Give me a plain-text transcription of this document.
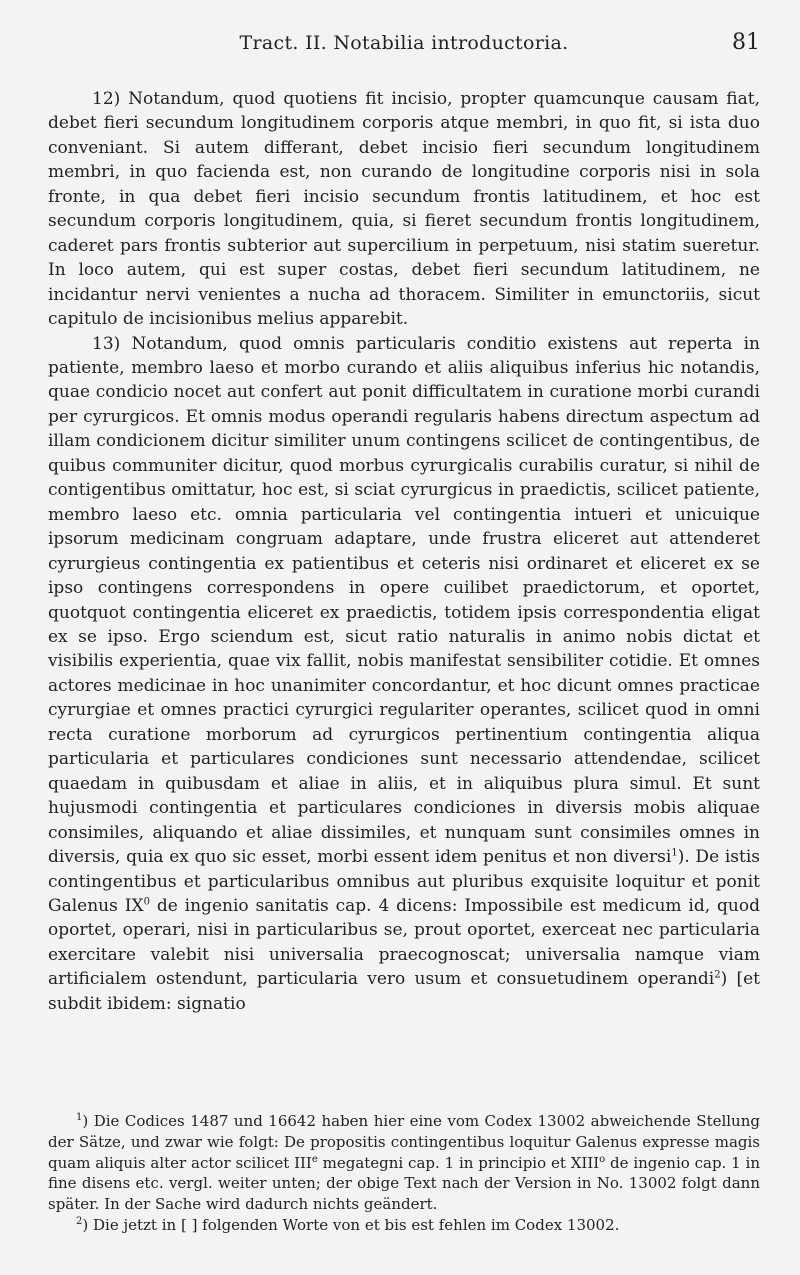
Tract. II. Notabilia introductoria.	81

12) Notandum, quod quotiens fit incisio, propter quamcunque causam fiat, debet fieri secundum longitudinem corporis atque membri, in quo fit, si ista duo conveniant. Si autem differant, debet incisio fieri secundum longitudinem membri, in quo facienda est, non curando de longitudine corporis nisi in sola fronte, in qua debet fieri incisio secundum frontis latitudinem, et hoc est secundum corporis longitudinem, quia, si fieret secundum frontis longitudinem, caderet pars frontis subterior aut supercilium in perpetuum, nisi statim sueretur. In loco autem, qui est super costas, debet fieri secundum latitudinem, ne incidantur nervi venientes a nucha ad thoracem. Similiter in emunctoriis, sicut capitulo de incisionibus melius apparebit.

13) Notandum, quod omnis particularis conditio existens aut reperta in patiente, membro laeso et morbo curando et aliis aliquibus inferius hic notandis, quae condicio nocet aut confert aut ponit difficultatem in curatione morbi curandi per cyrurgicos. Et omnis modus operandi regularis habens directum aspectum ad illam condicionem dicitur similiter unum contingens scilicet de contingentibus, de quibus communiter dicitur, quod morbus cyrurgicalis curabilis curatur, si nihil de contigentibus omittatur, hoc est, si sciat cyrurgicus in praedictis, scilicet patiente, membro laeso etc. omnia particularia vel contingentia intueri et unicuique ipsorum medicinam congruam adaptare, unde frustra eliceret aut attenderet cyrurgieus contingentia ex patientibus et ceteris nisi ordinaret et eliceret ex se ipso contingens correspondens in opere cuilibet praedictorum, et oportet, quotquot contingentia eliceret ex praedictis, totidem ipsis correspondentia eligat ex se ipso. Ergo sciendum est, sicut ratio naturalis in animo nobis dictat et visibilis experientia, quae vix fallit, nobis manifestat sensibiliter cotidie. Et omnes actores medicinae in hoc unanimiter concordantur, et hoc dicunt omnes practicae cyrurgiae et omnes practici cyrurgici regulariter operantes, scilicet quod in omni recta curatione morborum ad cyrurgicos pertinentium contingentia aliqua particularia et particulares condiciones sunt necessario attendendae, scilicet quaedam in quibusdam et aliae in aliis, et in aliquibus plura simul. Et sunt hujusmodi contingentia et particulares condiciones in diversis mobis aliquae consimiles, aliquando et aliae dissimiles, et nunquam sunt consimiles omnes in diversis, quia ex quo sic esset, morbi essent idem penitus et non diversi$^1$). De istis contingentibus et particularibus omnibus aut pluribus exquisite loquitur et ponit Galenus $IX^0$ de ingenio sanitatis cap. 4 dicens: Impossibile est medicum id, quod oportet, operari, nisi in particularibus se, prout oportet, exerceat nec particularia exercitare valebit nisi universalia praecognoscat; universalia namque viam artificialem ostendunt, particularia vero usum et consuetudinem operandi$^2$) [et subdit ibidem: signatio

$^1$) Die Codices 1487 und 16642 haben hier eine vom Codex 13002 abweichende Stellung der Sätze, und zwar wie folgt: De propositis contingentibus loquitur Galenus expresse magis quam aliquis alter actor scilicet IIIe megategni cap. 1 in principio et XIII$^o$ de ingenio cap. 1 in fine disens etc. vergl. weiter unten; der obige Text nach der Version in No. 13002 folgt dann später. In der Sache wird dadurch nichts geändert.

$^2$) Die jetzt in [ ] folgenden Worte von et bis est fehlen im Codex 13002.
